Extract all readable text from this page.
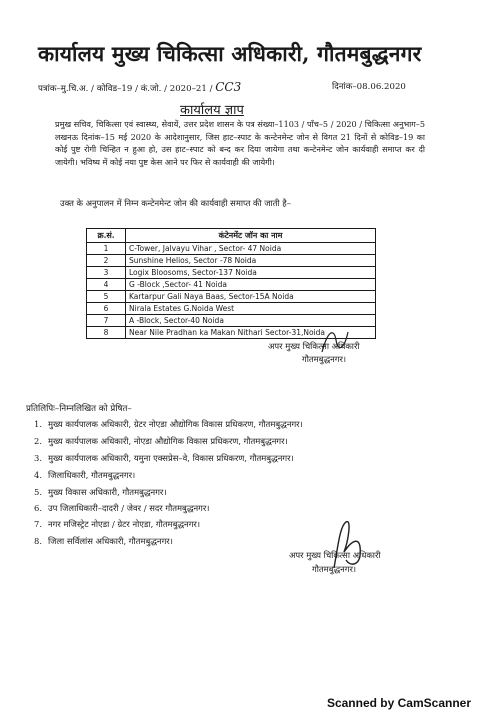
कार्यालय मुख्य चिकित्सा अधिकारी, गौतमबुद्धनगर
पत्रांक–मु.चि.अ. / कोविड–19 / कं.जो. / 2020–21 / CC3	दिनांक–08.06.2020
कार्यालय ज्ञाप
प्रमुख सचिव, चिकित्सा एवं स्वास्थ्य, सेवायें, उत्तर प्रदेश शासन के पत्र संख्या–1103 / पाँच–5 / 2020 / चिकित्सा अनुभाग–5 लखनऊ दिनांक–15 मई 2020 के आदेशानुसार, जिस हाट–स्पाट के कन्टेनमेन्ट जोन से विगत 21 दिनों से कोविड–19 का कोई पुष्ट रोगी चिन्हित न हुआ हो, उस हाट–स्पाट को बन्द कर दिया जायेगा तथा कन्टेनमेन्ट जोन कार्यवाही समाप्त कर दी जायेगी। भविष्य में कोई नया पुष्ट केस आने पर फिर से कार्यवाही की जायेगी।
उक्त के अनुपालन में निम्न कन्टेनमेन्ट जोन की कार्यवाही समाप्त की जाती है–
क्र.सं.	कंटेनमेंट जॉन का नाम
1	C-Tower, Jalvayu Vihar , Sector- 47 Noida
2	Sunshine Helios, Sector -78 Noida
3	Logix Bloosoms, Sector-137 Noida
4	G -Block ,Sector- 41 Noida
5	Kartarpur Gali Naya Baas, Sector-15A Noida
6	Nirala Estates G.Noida West
7	A -Block, Sector-40 Noida
8	Near Nile Pradhan ka Makan Nithari Sector-31,Noida
अपर मुख्य चिकित्सा अधिकारी
गौतमबुद्धनगर।
प्रतिलिपिः–निम्नलिखित को प्रेषित–
1. मुख्य कार्यपालक अधिकारी, ग्रेटर नोएडा औद्योगिक विकास प्रधिकरण, गौतमबुद्धनगर।
2. मुख्य कार्यपालक अधिकारी, नोएडा औद्योगिक विकास प्रधिकरण, गौतमबुद्धनगर।
3. मुख्य कार्यपालक अधिकारी, यमुना एक्सप्रेस–वे, विकास प्रधिकरण, गौतमबुद्धनगर।
4. जिलाधिकारी, गौतमबुद्धनगर।
5. मुख्य विकास अधिकारी, गौतमबुद्धनगर।
6. उप जिलाधिकारी–दादरी / जेवर / सदर गौतमबुद्धनगर।
7. नगर मजिस्ट्रेट नोएडा / ग्रेटर नोएडा, गौतमबुद्धनगर।
8. जिला सर्विलांस अधिकारी, गौतमबुद्धनगर।
अपर मुख्य चिकित्सा अधिकारी
गौतमबुद्धनगर।
Scanned by CamScanner
